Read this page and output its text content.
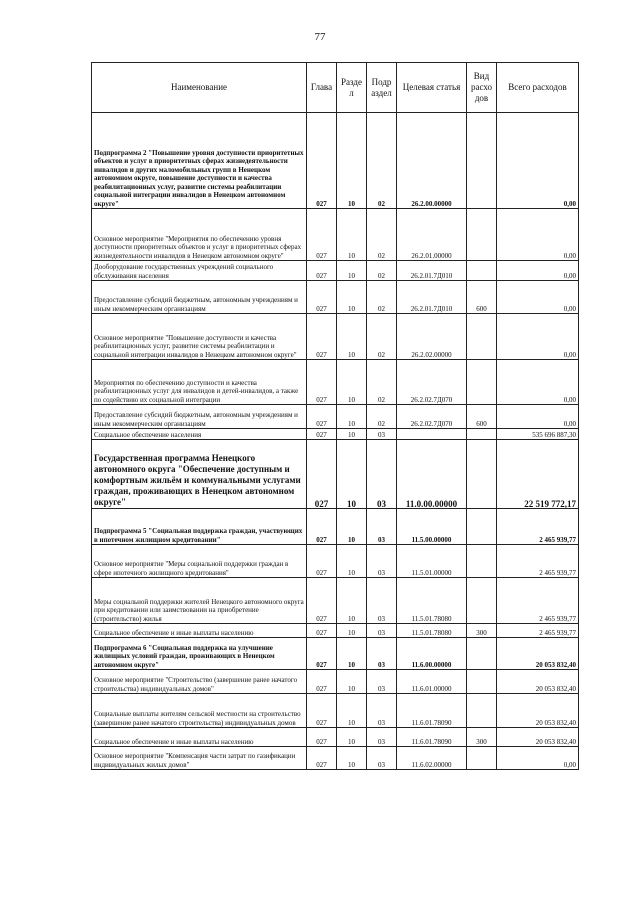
77
Наименование	Глава	Разде л	Подр аздел	Целевая статья	Вид расхо дов	Всего расходов
Подпрограмма 2 "Повышение уровня доступности приоритетных объектов и услуг в приоритетных сферах жизнедеятельности инвалидов и других маломобильных групп в Ненецком автономном округе, повышение доступности и качества реабилитационных услуг, развитие системы реабилитации социальной интеграции инвалидов в Ненецком автономном округе"	027	10	02	26.2.00.00000		0,00
Основное мероприятие "Мероприятия по обеспечению уровня доступности приоритетных объектов и услуг в приоритетных сферах жизнедеятельности инвалидов в Ненецком автономном округе"	027	10	02	26.2.01.00000		0,00
Дооборудование государственных учреждений социального обслуживания населения	027	10	02	26.2.01.7Д010		0,00
Предоставление субсидий бюджетным, автономным учреждениям и иным некоммерческим организациям	027	10	02	26.2.01.7Д010	600	0,00
Основное мероприятие "Повышение доступности и качества реабилитационных услуг, развитие системы реабилитации и социальной интеграции инвалидов в Ненецком автономном округе"	027	10	02	26.2.02.00000		0,00
Мероприятия по обеспечению доступности и качества реабилитационных услуг для инвалидов и детей-инвалидов, а также по содействию их социальной интеграции	027	10	02	26.2.02.7Д070		0,00
Предоставление субсидий бюджетным, автономным учреждениям и иным некоммерческим организациям	027	10	02	26.2.02.7Д070	600	0,00
Социальное обеспечение населения	027	10	03			535 696 887,30
Государственная программа Ненецкого автономного округа "Обеспечение доступным и комфортным жильём и коммунальными услугами граждан, проживающих в Ненецком автономном округе"	027	10	03	11.0.00.00000		22 519 772,17
Подпрограмма 5 "Социальная поддержка граждан, участвующих в ипотечном жилищном кредитовании"	027	10	03	11.5.00.00000		2 465 939,77
Основное мероприятие "Меры социальной поддержки граждан в сфере ипотечного жилищного кредитования"	027	10	03	11.5.01.00000		2 465 939,77
Меры социальной поддержки жителей Ненецкого автономного округа при кредитовании или заимствовании на приобретение (строительство) жилья	027	10	03	11.5.01.78080		2 465 939,77
Социальное обеспечение и иные выплаты населению	027	10	03	11.5.01.78080	300	2 465 939,77
Подпрограмма 6 "Социальная поддержка на улучшение жилищных условий граждан, проживающих в Ненецком автономном округе"	027	10	03	11.6.00.00000		20 053 832,40
Основное мероприятие "Строительство (завершение ранее начатого строительства) индивидуальных домов"	027	10	03	11.6.01.00000		20 053 832,40
Социальные выплаты жителям сельской местности на строительство (завершение ранее начатого строительства) индивидуальных домов	027	10	03	11.6.01.78090		20 053 832,40
Социальное обеспечение и иные выплаты населению	027	10	03	11.6.01.78090	300	20 053 832,40
Основное мероприятие "Компенсация части затрат по газификации индивидуальных жилых домов"	027	10	03	11.6.02.00000		0,00
